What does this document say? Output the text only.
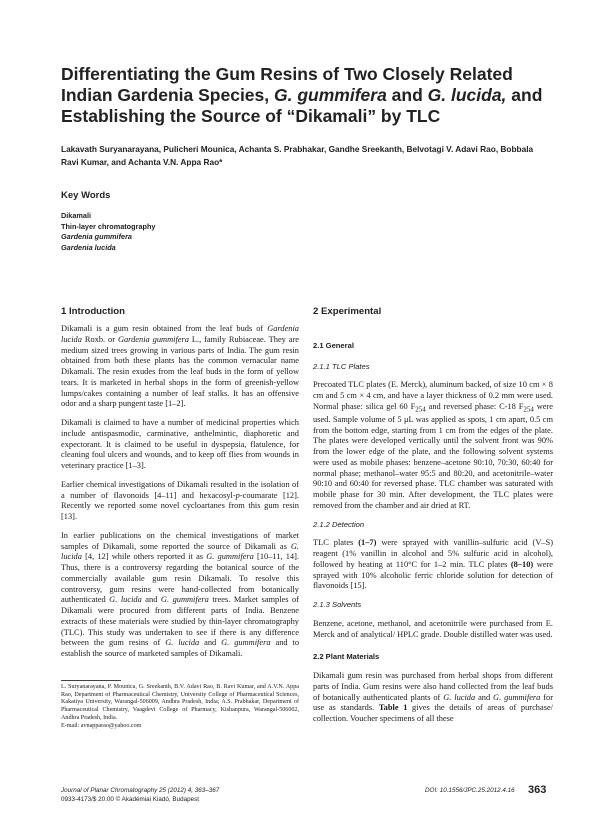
Differentiating the Gum Resins of Two Closely Related Indian Gardenia Species, G. gummifera and G. lucida, and Establishing the Source of “Dikamali” by TLC

Lakavath Suryanarayana, Pulicheri Mounica, Achanta S. Prabhakar, Gandhe Sreekanth, Belvotagi V. Adavi Rao, Bobbala Ravi Kumar, and Achanta V.N. Appa Rao*

Key Words
Dikamali
Thin-layer chromatography
Gardenia gummifera
Gardenia lucida
1 Introduction

Dikamali is a gum resin obtained from the leaf buds of Gardenia lucida Roxb. or Gardenia gummifera L., family Rubiaceae. They are medium sized trees growing in various parts of India. The gum resin obtained from both these plants has the common vernacular name Dikamali. The resin exudes from the leaf buds in the form of yellow tears. It is marketed in herbal shops in the form of greenish-yellow lumps/cakes containing a number of leaf stalks. It has an offensive odor and a sharp pungent taste [1–2].

Dikamali is claimed to have a number of medicinal properties which include antispasmodic, carminative, anthelmintic, diaphoretic and expectorant. It is claimed to be useful in dyspepsia, flatulence, for cleaning foul ulcers and wounds, and to keep off flies from wounds in veterinary practice [1–3].

Earlier chemical investigations of Dikamali resulted in the isolation of a number of flavonoids [4–11] and hexacosyl-p-coumarate [12]. Recently we reported some novel cycloartanes from this gum resin [13].

In earlier publications on the chemical investigations of market samples of Dikamali, some reported the source of Dikamali as G. lucida [4, 12] while others reported it as G. gummifera [10–11, 14]. Thus, there is a controversy regarding the botanical source of the commercially available gum resin Dikamali. To resolve this controversy, gum resins were hand-collected from botanically authenticated G. lucida and G. gummifera trees. Market samples of Dikamali were procured from different parts of India. Benzene extracts of these materials were studied by thin-layer chromatography (TLC). This study was undertaken to see if there is any difference between the gum resins of G. lucida and G. gummifera and to establish the source of marketed samples of Dikamali.

2 Experimental
2.1 General
2.1.1 TLC Plates

Precoated TLC plates (E. Merck), aluminum backed, of size 10 cm × 8 cm and 5 cm × 4 cm, and have a layer thickness of 0.2 mm were used. Normal phase: silica gel 60 $F_{254}$ and reversed phase: C-18 $F_{254}$ were used. Sample volume of 5 μL was applied as spots, 1 cm apart, 0.5 cm from the bottom edge, starting from 1 cm from the edges of the plate. The plates were developed vertically until the solvent front was 90% from the lower edge of the plate, and the following solvent systems were used as mobile phases: benzene–acetone 90:10, 70:30, 60:40 for normal phase; methanol–water 95:5 and 80:20, and acetonitrile–water 90:10 and 60:40 for reversed phase. TLC chamber was saturated with mobile phase for 30 min. After development, the TLC plates were removed from the chamber and air dried at RT.

2.1.2 Detection

TLC plates (1–7) were sprayed with vanillin–sulfuric acid (V–S) reagent (1% vanillin in alcohol and 5% sulfuric acid in alcohol), followed by heating at 110°C for 1–2 min. TLC plates (8–10) were sprayed with 10% alcoholic ferric chloride solution for detection of flavonoids [15].

2.1.3 Solvents

Benzene, acetone, methanol, and acetonitrile were purchased from E. Merck and of analytical/ HPLC grade. Double distilled water was used.

2.2 Plant Materials

Dikamali gum resin was purchased from herbal shops from different parts of India. Gum resins were also hand collected from the leaf buds of botanically authenticated plants of G. lucida and G. gummifera for use as standards. Table 1 gives the details of areas of purchase/ collection. Voucher specimens of all these

L. Suryanarayana, P. Mounica, G. Sreekanth, B.V. Adavi Rao, B. Ravi Kumar, and A.V.N. Appa Rao, Department of Pharmaceutical Chemistry, University College of Pharmaceutical Sciences, Kakatiya University, Warangal-506009, Andhra Pradesh, India; A.S. Prabhakar, Department of Pharmaceutical Chemistry, Vaagdevi College of Pharmacy, Kishanpura, Warangal-506002, Andhra Pradesh, India.

E-mail: avnapparao@yahoo.com

Journal of Planar Chromatography 25 (2012) 4, 363–367
0933-4173/$ 20.00 © Akadémiai Kiadó, Budapest
DOI: 10.1556/JPC.25.2012.4.16 363
